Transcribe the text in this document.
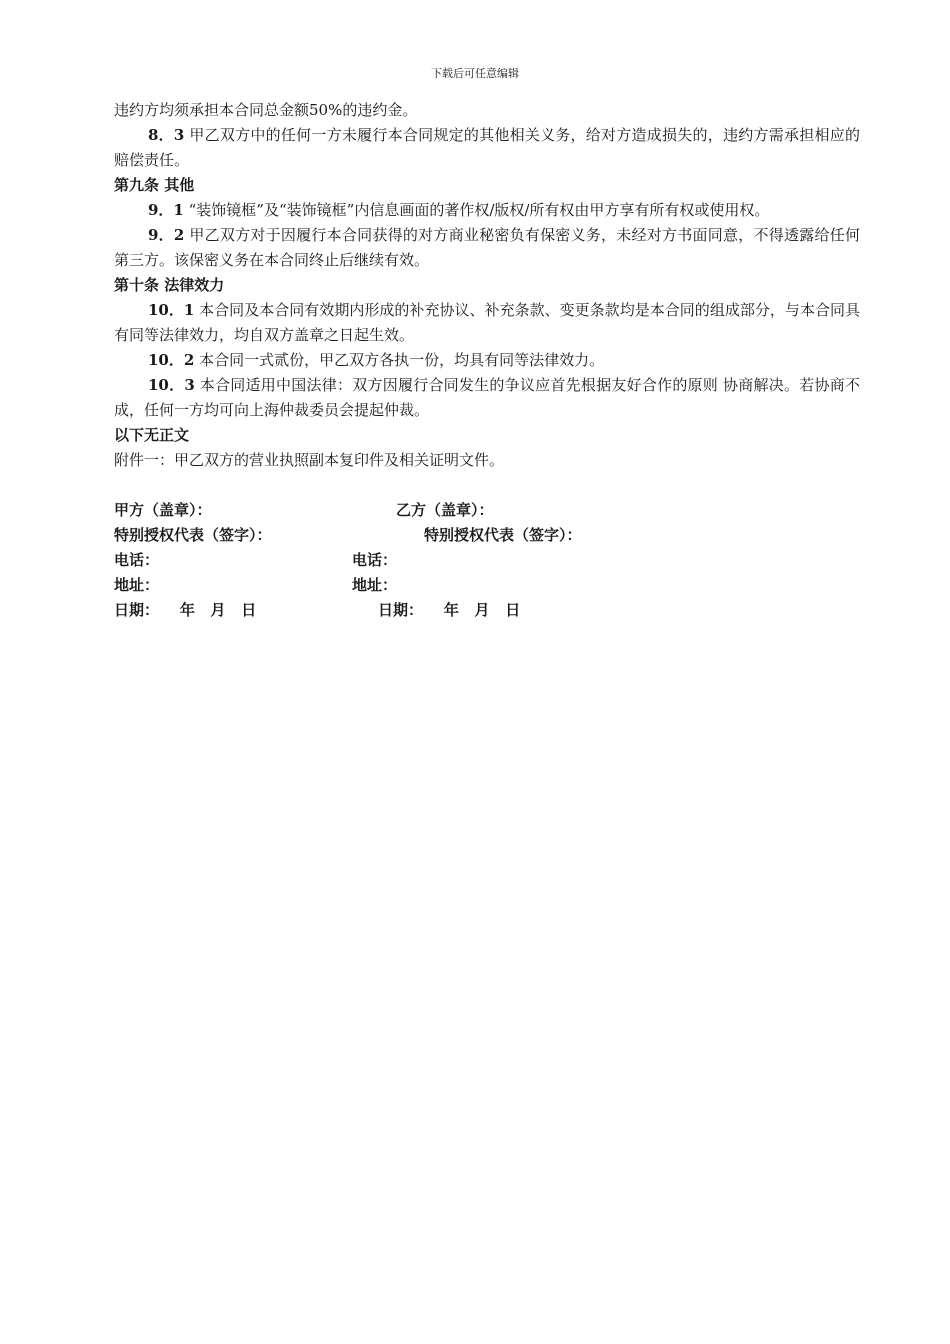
下载后可任意编辑

违约方均须承担本合同总金额50%的违约金。

8．3 甲乙双方中的任何一方未履行本合同规定的其他相关义务，给对方造成损失的，违约方需承担相应的赔偿责任。

第九条 其他

9．1 “装饰镜框”及“装饰镜框”内信息画面的著作权/版权/所有权由甲方享有所有权或使用权。

9．2 甲乙双方对于因履行本合同获得的对方商业秘密负有保密义务，未经对方书面同意，不得透露给任何第三方。该保密义务在本合同终止后继续有效。

第十条 法律效力

10．1 本合同及本合同有效期内形成的补充协议、补充条款、变更条款均是本合同的组成部分，与本合同具有同等法律效力，均自双方盖章之日起生效。

10．2 本合同一式贰份，甲乙双方各执一份，均具有同等法律效力。

10．3 本合同适用中国法律：双方因履行合同发生的争议应首先根据友好合作的原则 协商解决。若协商不成，任何一方均可向上海仲裁委员会提起仲裁。

以下无正文

附件一：甲乙双方的营业执照副本复印件及相关证明文件。

甲方（盖章）：	乙方（盖章）：
特别授权代表（签字）：	特别授权代表（签字）：
电话：	电话：
地址：	地址：
日期：    年   月   日	日期：    年   月   日
